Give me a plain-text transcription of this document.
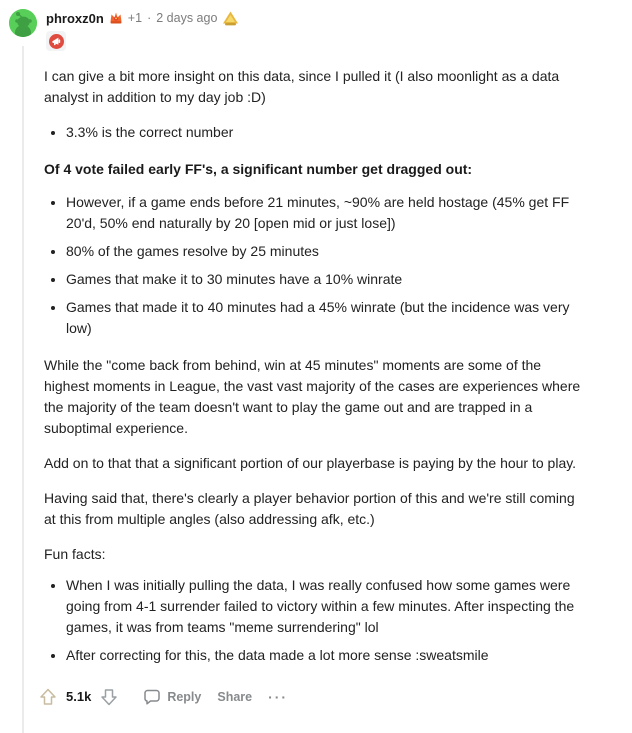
phroxz0n +1 · 2 days ago

I can give a bit more insight on this data, since I pulled it (I also moonlight as a data analyst in addition to my day job :D)

• 3.3% is the correct number

Of 4 vote failed early FF's, a significant number get dragged out:

• However, if a game ends before 21 minutes, ~90% are held hostage (45% get FF 20'd, 50% end naturally by 20 [open mid or just lose])
• 80% of the games resolve by 25 minutes
• Games that make it to 30 minutes have a 10% winrate
• Games that made it to 40 minutes had a 45% winrate (but the incidence was very low)

While the "come back from behind, win at 45 minutes" moments are some of the highest moments in League, the vast vast majority of the cases are experiences where the majority of the team doesn't want to play the game out and are trapped in a suboptimal experience.

Add on to that that a significant portion of our playerbase is paying by the hour to play.

Having said that, there's clearly a player behavior portion of this and we're still coming at this from multiple angles (also addressing afk, etc.)

Fun facts:

• When I was initially pulling the data, I was really confused how some games were going from 4-1 surrender failed to victory within a few minutes. After inspecting the games, it was from teams "meme surrendering" lol
• After correcting for this, the data made a lot more sense :sweatsmile
5.1k	Reply Share ···
